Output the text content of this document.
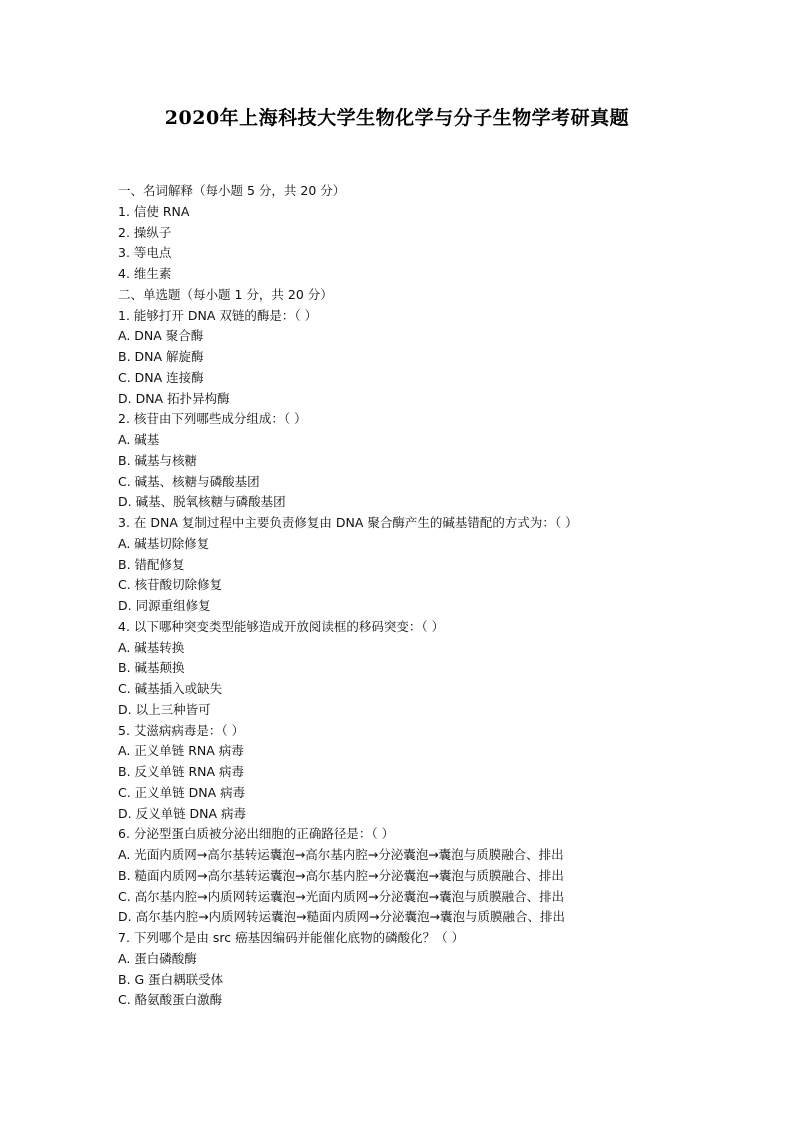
2020年上海科技大学生物化学与分子生物学考研真题
一、名词解释（每小题 5 分，共 20 分）
1. 信使 RNA
2. 操纵子
3. 等电点
4. 维生素
二、单选题（每小题 1 分，共 20 分）
1. 能够打开 DNA 双链的酶是：（ ）
A. DNA 聚合酶
B. DNA 解旋酶
C. DNA 连接酶
D. DNA 拓扑异构酶
2. 核苷由下列哪些成分组成：（ ）
A. 碱基
B. 碱基与核糖
C. 碱基、核糖与磷酸基团
D. 碱基、脱氧核糖与磷酸基团
3. 在 DNA 复制过程中主要负责修复由 DNA 聚合酶产生的碱基错配的方式为：（ ）
A. 碱基切除修复
B. 错配修复
C. 核苷酸切除修复
D. 同源重组修复
4. 以下哪种突变类型能够造成开放阅读框的移码突变：（ ）
A. 碱基转换
B. 碱基颠换
C. 碱基插入或缺失
D. 以上三种皆可
5. 艾滋病病毒是：（ ）
A. 正义单链 RNA 病毒
B. 反义单链 RNA 病毒
C. 正义单链 DNA 病毒
D. 反义单链 DNA 病毒
6. 分泌型蛋白质被分泌出细胞的正确路径是：（ ）
A. 光面内质网→高尔基转运囊泡→高尔基内腔→分泌囊泡→囊泡与质膜融合、排出
B. 糙面内质网→高尔基转运囊泡→高尔基内腔→分泌囊泡→囊泡与质膜融合、排出
C. 高尔基内腔→内质网转运囊泡→光面内质网→分泌囊泡→囊泡与质膜融合、排出
D. 高尔基内腔→内质网转运囊泡→糙面内质网→分泌囊泡→囊泡与质膜融合、排出
7. 下列哪个是由 src 癌基因编码并能催化底物的磷酸化？（ ）
A. 蛋白磷酸酶
B. G 蛋白耦联受体
C. 酪氨酸蛋白激酶
